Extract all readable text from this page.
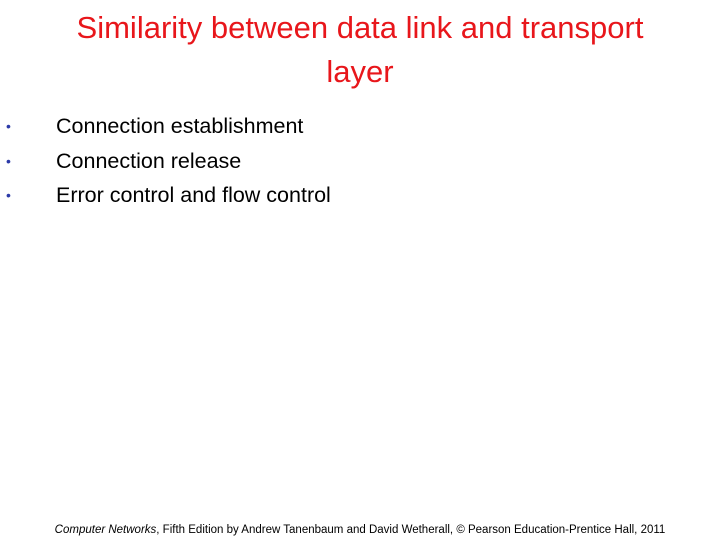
Similarity between data link and transport
layer
• Connection establishment
• Connection release
• Error control and flow control
Computer Networks, Fifth Edition by Andrew Tanenbaum and David Wetherall, © Pearson Education-Prentice Hall, 2011
